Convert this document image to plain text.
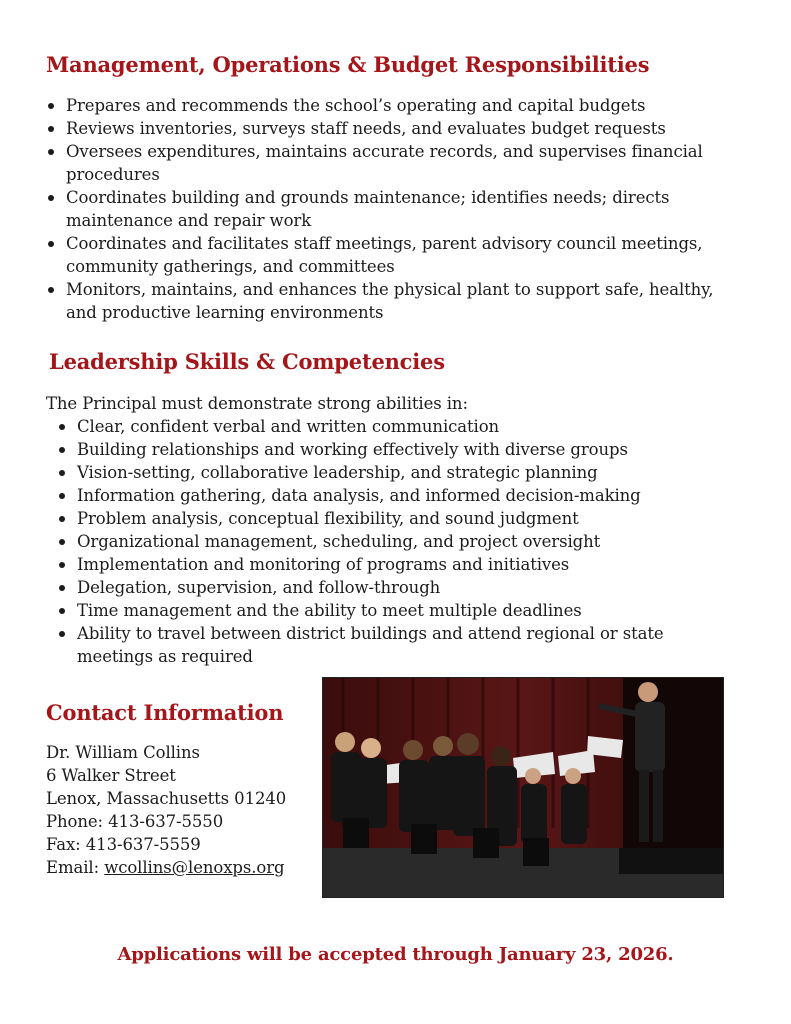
Management, Operations & Budget Responsibilities
Prepares and recommends the school’s operating and capital budgets
Reviews inventories, surveys staff needs, and evaluates budget requests
Oversees expenditures, maintains accurate records, and supervises financial procedures
Coordinates building and grounds maintenance; identifies needs; directs maintenance and repair work
Coordinates and facilitates staff meetings, parent advisory council meetings, community gatherings, and committees
Monitors, maintains, and enhances the physical plant to support safe, healthy, and productive learning environments
Leadership Skills & Competencies
The Principal must demonstrate strong abilities in:
Clear, confident verbal and written communication
Building relationships and working effectively with diverse groups
Vision-setting, collaborative leadership, and strategic planning
Information gathering, data analysis, and informed decision-making
Problem analysis, conceptual flexibility, and sound judgment
Organizational management, scheduling, and project oversight
Implementation and monitoring of programs and initiatives
Delegation, supervision, and follow-through
Time management and the ability to meet multiple deadlines
Ability to travel between district buildings and attend regional or state meetings as required
Contact Information
Dr. William Collins
6 Walker Street
Lenox, Massachusetts 01240
Phone: 413-637-5550
Fax: 413-637-5559
Email: wcollins@lenoxps.org
Applications will be accepted through January 23, 2026.
